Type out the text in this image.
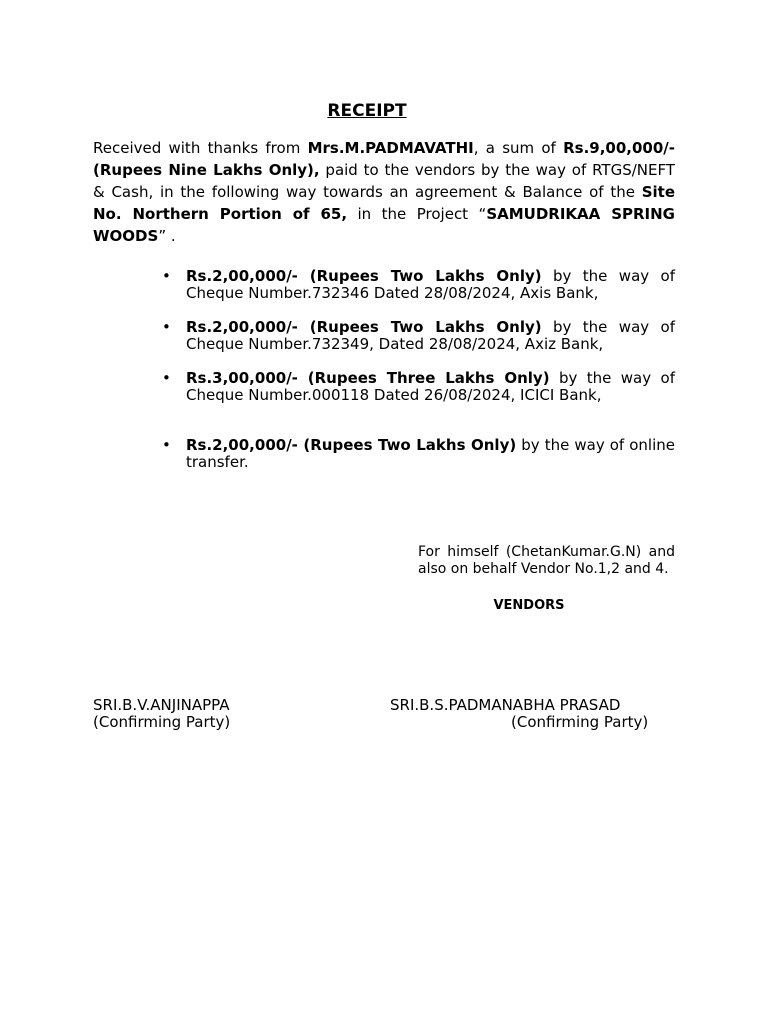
RECEIPT
Received with thanks from Mrs.M.PADMAVATHI, a sum of Rs.9,00,000/-(Rupees Nine Lakhs Only), paid to the vendors by the way of RTGS/NEFT & Cash, in the following way towards an agreement & Balance of the Site No. Northern Portion of 65, in the Project “SAMUDRIKAA SPRING WOODS” .
• Rs.2,00,000/- (Rupees Two Lakhs Only) by the way of Cheque Number.732346 Dated 28/08/2024, Axis Bank,
• Rs.2,00,000/- (Rupees Two Lakhs Only) by the way of Cheque Number.732349, Dated 28/08/2024, Axiz Bank,
• Rs.3,00,000/- (Rupees Three Lakhs Only) by the way of Cheque Number.000118 Dated 26/08/2024, ICICI Bank,
• Rs.2,00,000/- (Rupees Two Lakhs Only) by the way of online transfer.
For himself (ChetanKumar.G.N) and also on behalf Vendor No.1,2 and 4.
VENDORS
SRI.B.V.ANJINAPPA
(Confirming Party)
SRI.B.S.PADMANABHA PRASAD
(Confirming Party)
